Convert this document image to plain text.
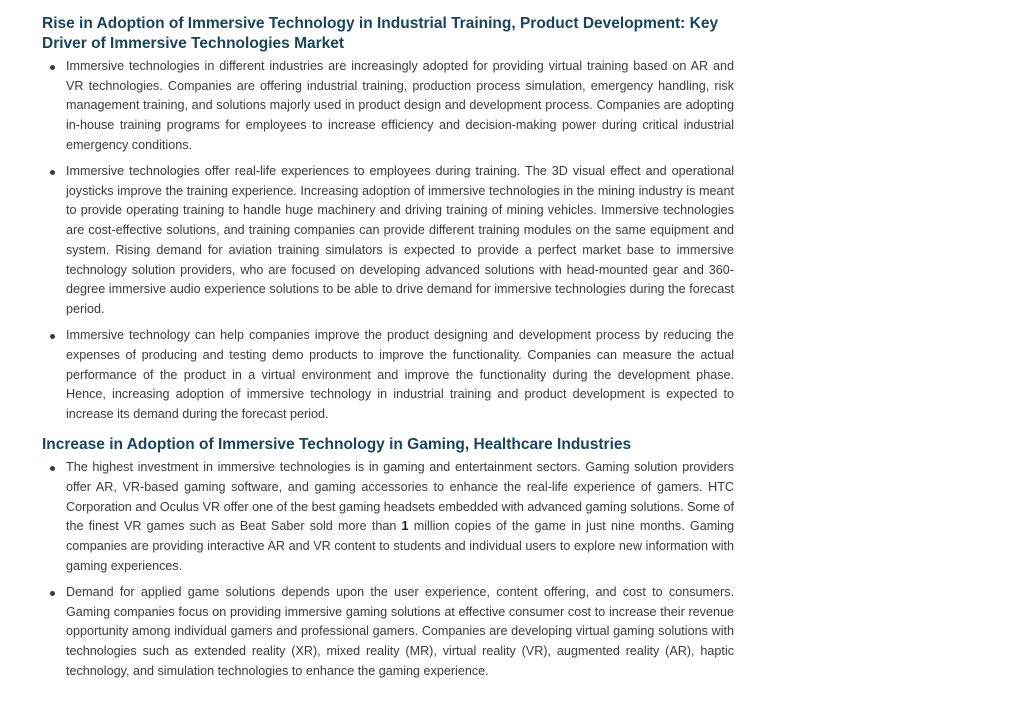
Rise in Adoption of Immersive Technology in Industrial Training, Product Development: Key Driver of Immersive Technologies Market
Immersive technologies in different industries are increasingly adopted for providing virtual training based on AR and VR technologies. Companies are offering industrial training, production process simulation, emergency handling, risk management training, and solutions majorly used in product design and development process. Companies are adopting in-house training programs for employees to increase efficiency and decision-making power during critical industrial emergency conditions.
Immersive technologies offer real-life experiences to employees during training. The 3D visual effect and operational joysticks improve the training experience. Increasing adoption of immersive technologies in the mining industry is meant to provide operating training to handle huge machinery and driving training of mining vehicles. Immersive technologies are cost-effective solutions, and training companies can provide different training modules on the same equipment and system. Rising demand for aviation training simulators is expected to provide a perfect market base to immersive technology solution providers, who are focused on developing advanced solutions with head-mounted gear and 360-degree immersive audio experience solutions to be able to drive demand for immersive technologies during the forecast period.
Immersive technology can help companies improve the product designing and development process by reducing the expenses of producing and testing demo products to improve the functionality. Companies can measure the actual performance of the product in a virtual environment and improve the functionality during the development phase. Hence, increasing adoption of immersive technology in industrial training and product development is expected to increase its demand during the forecast period.
Increase in Adoption of Immersive Technology in Gaming, Healthcare Industries
The highest investment in immersive technologies is in gaming and entertainment sectors. Gaming solution providers offer AR, VR-based gaming software, and gaming accessories to enhance the real-life experience of gamers. HTC Corporation and Oculus VR offer one of the best gaming headsets embedded with advanced gaming solutions. Some of the finest VR games such as Beat Saber sold more than 1 million copies of the game in just nine months. Gaming companies are providing interactive AR and VR content to students and individual users to explore new information with gaming experiences.
Demand for applied game solutions depends upon the user experience, content offering, and cost to consumers. Gaming companies focus on providing immersive gaming solutions at effective consumer cost to increase their revenue opportunity among individual gamers and professional gamers. Companies are developing virtual gaming solutions with technologies such as extended reality (XR), mixed reality (MR), virtual reality (VR), augmented reality (AR), haptic technology, and simulation technologies to enhance the gaming experience.
